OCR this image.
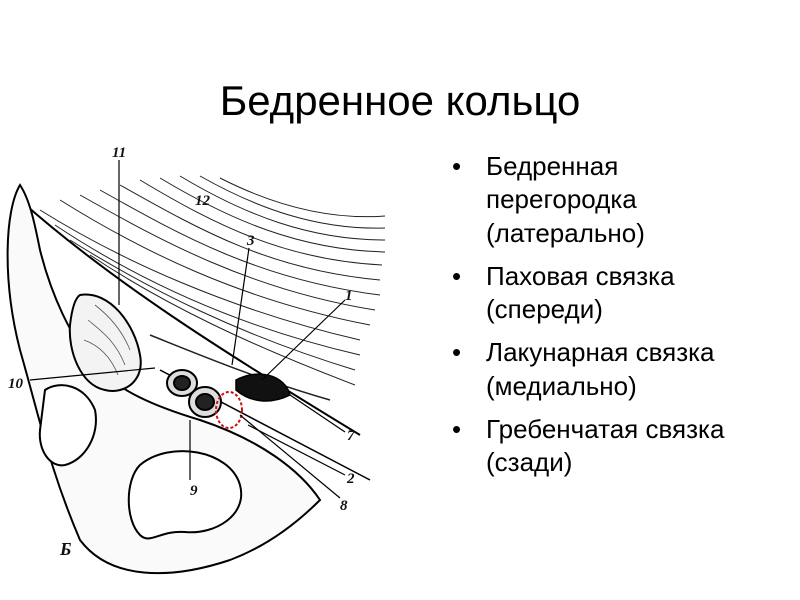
Бедренное кольцо
11
12
3
1
10
7
2
8
9
Б
• Бедренная
перегородка
(латерально)
• Паховая связка
(спереди)
• Лакунарная связка
(медиально)
• Гребенчатая связка
(сзади)
